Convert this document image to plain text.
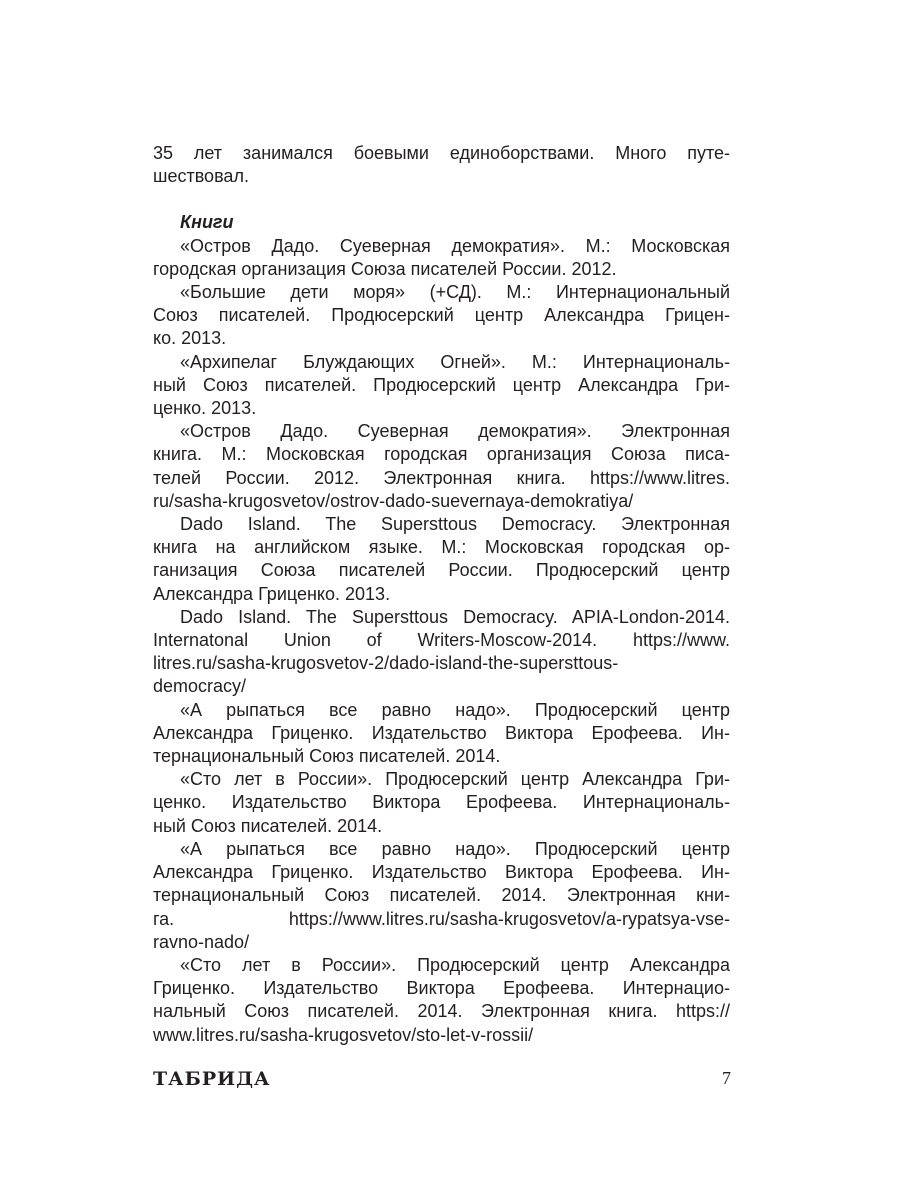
35 лет занимался боевыми единоборствами. Много путе-
шествовал.
Книги
«Остров Дадо. Суеверная демократия». М.: Московская
городская организация Союза писателей России. 2012.
«Большие дети моря» (+СД). М.: Интернациональный
Союз писателей. Продюсерский центр Александра Грицен-
ко. 2013.
«Архипелаг Блуждающих Огней». М.: Интернациональ-
ный Союз писателей. Продюсерский центр Александра Гри-
ценко. 2013.
«Остров Дадо. Суеверная демократия». Электронная
книга. М.: Московская городская организация Союза писа-
телей России. 2012. Электронная книга. https://www.litres.
ru/sasha-krugosvetov/ostrov-dado-suevernaya-demokratiya/
Dado Island. The Supersttous Democracy. Электронная
книга на английском языке. М.: Московская городская ор-
ганизация Союза писателей России. Продюсерский центр
Александра Гриценко. 2013.
Dado Island. The Supersttous Democracy. APIA-London-2014.
Internatonal Union of Writers-Moscow-2014. https://www.
litres.ru/sasha-krugosvetov-2/dado-island-the-supersttous-
democracy/
«А рыпаться все равно надо». Продюсерский центр
Александра Гриценко. Издательство Виктора Ерофеева. Ин-
тернациональный Союз писателей. 2014.
«Сто лет в России». Продюсерский центр Александра Гри-
ценко. Издательство Виктора Ерофеева. Интернациональ-
ный Союз писателей. 2014.
«А рыпаться все равно надо». Продюсерский центр
Александра Гриценко. Издательство Виктора Ерофеева. Ин-
тернациональный Союз писателей. 2014. Электронная кни-
га. https://www.litres.ru/sasha-krugosvetov/a-rypatsya-vse-
ravno-nado/
«Сто лет в России». Продюсерский центр Александра
Гриценко. Издательство Виктора Ерофеева. Интернацио-
нальный Союз писателей. 2014. Электронная книга. https://
www.litres.ru/sasha-krugosvetov/sto-let-v-rossii/
ТАБРИДА	7
